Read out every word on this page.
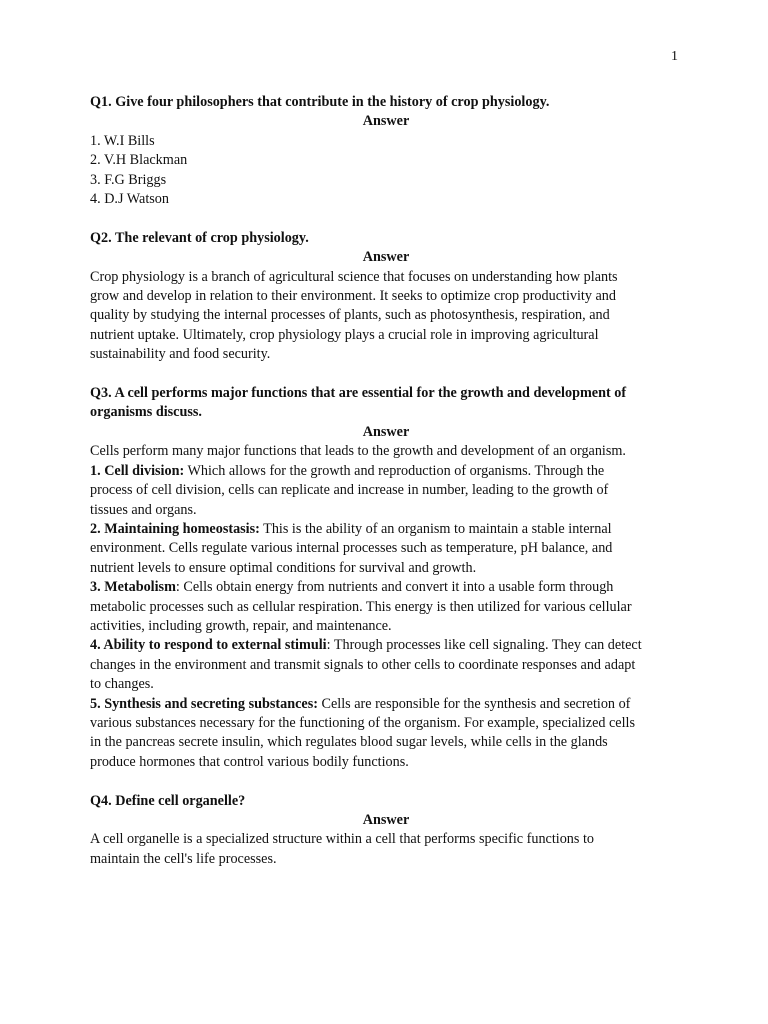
1

Q1. Give four philosophers that contribute in the history of crop physiology.

Answer

1. W.I Bills

2. V.H Blackman

3. F.G Briggs

4. D.J Watson

Q2. The relevant of crop physiology.

Answer

Crop physiology is a branch of agricultural science that focuses on understanding how plants

grow and develop in relation to their environment. It seeks to optimize crop productivity and

quality by studying the internal processes of plants, such as photosynthesis, respiration, and

nutrient uptake. Ultimately, crop physiology plays a crucial role in improving agricultural

sustainability and food security.

Q3. A cell performs major functions that are essential for the growth and development of

organisms discuss.

Answer

Cells perform many major functions that leads to the growth and development of an organism.

1. Cell division: Which allows for the growth and reproduction of organisms. Through the

process of cell division, cells can replicate and increase in number, leading to the growth of

tissues and organs.

2. Maintaining homeostasis: This is the ability of an organism to maintain a stable internal

environment. Cells regulate various internal processes such as temperature, pH balance, and

nutrient levels to ensure optimal conditions for survival and growth.

3. Metabolism: Cells obtain energy from nutrients and convert it into a usable form through

metabolic processes such as cellular respiration. This energy is then utilized for various cellular

activities, including growth, repair, and maintenance.

4. Ability to respond to external stimuli: Through processes like cell signaling. They can detect

changes in the environment and transmit signals to other cells to coordinate responses and adapt

to changes.

5. Synthesis and secreting substances: Cells are responsible for the synthesis and secretion of

various substances necessary for the functioning of the organism. For example, specialized cells

in the pancreas secrete insulin, which regulates blood sugar levels, while cells in the glands

produce hormones that control various bodily functions.

Q4. Define cell organelle?

Answer

A cell organelle is a specialized structure within a cell that performs specific functions to

maintain the cell's life processes.
